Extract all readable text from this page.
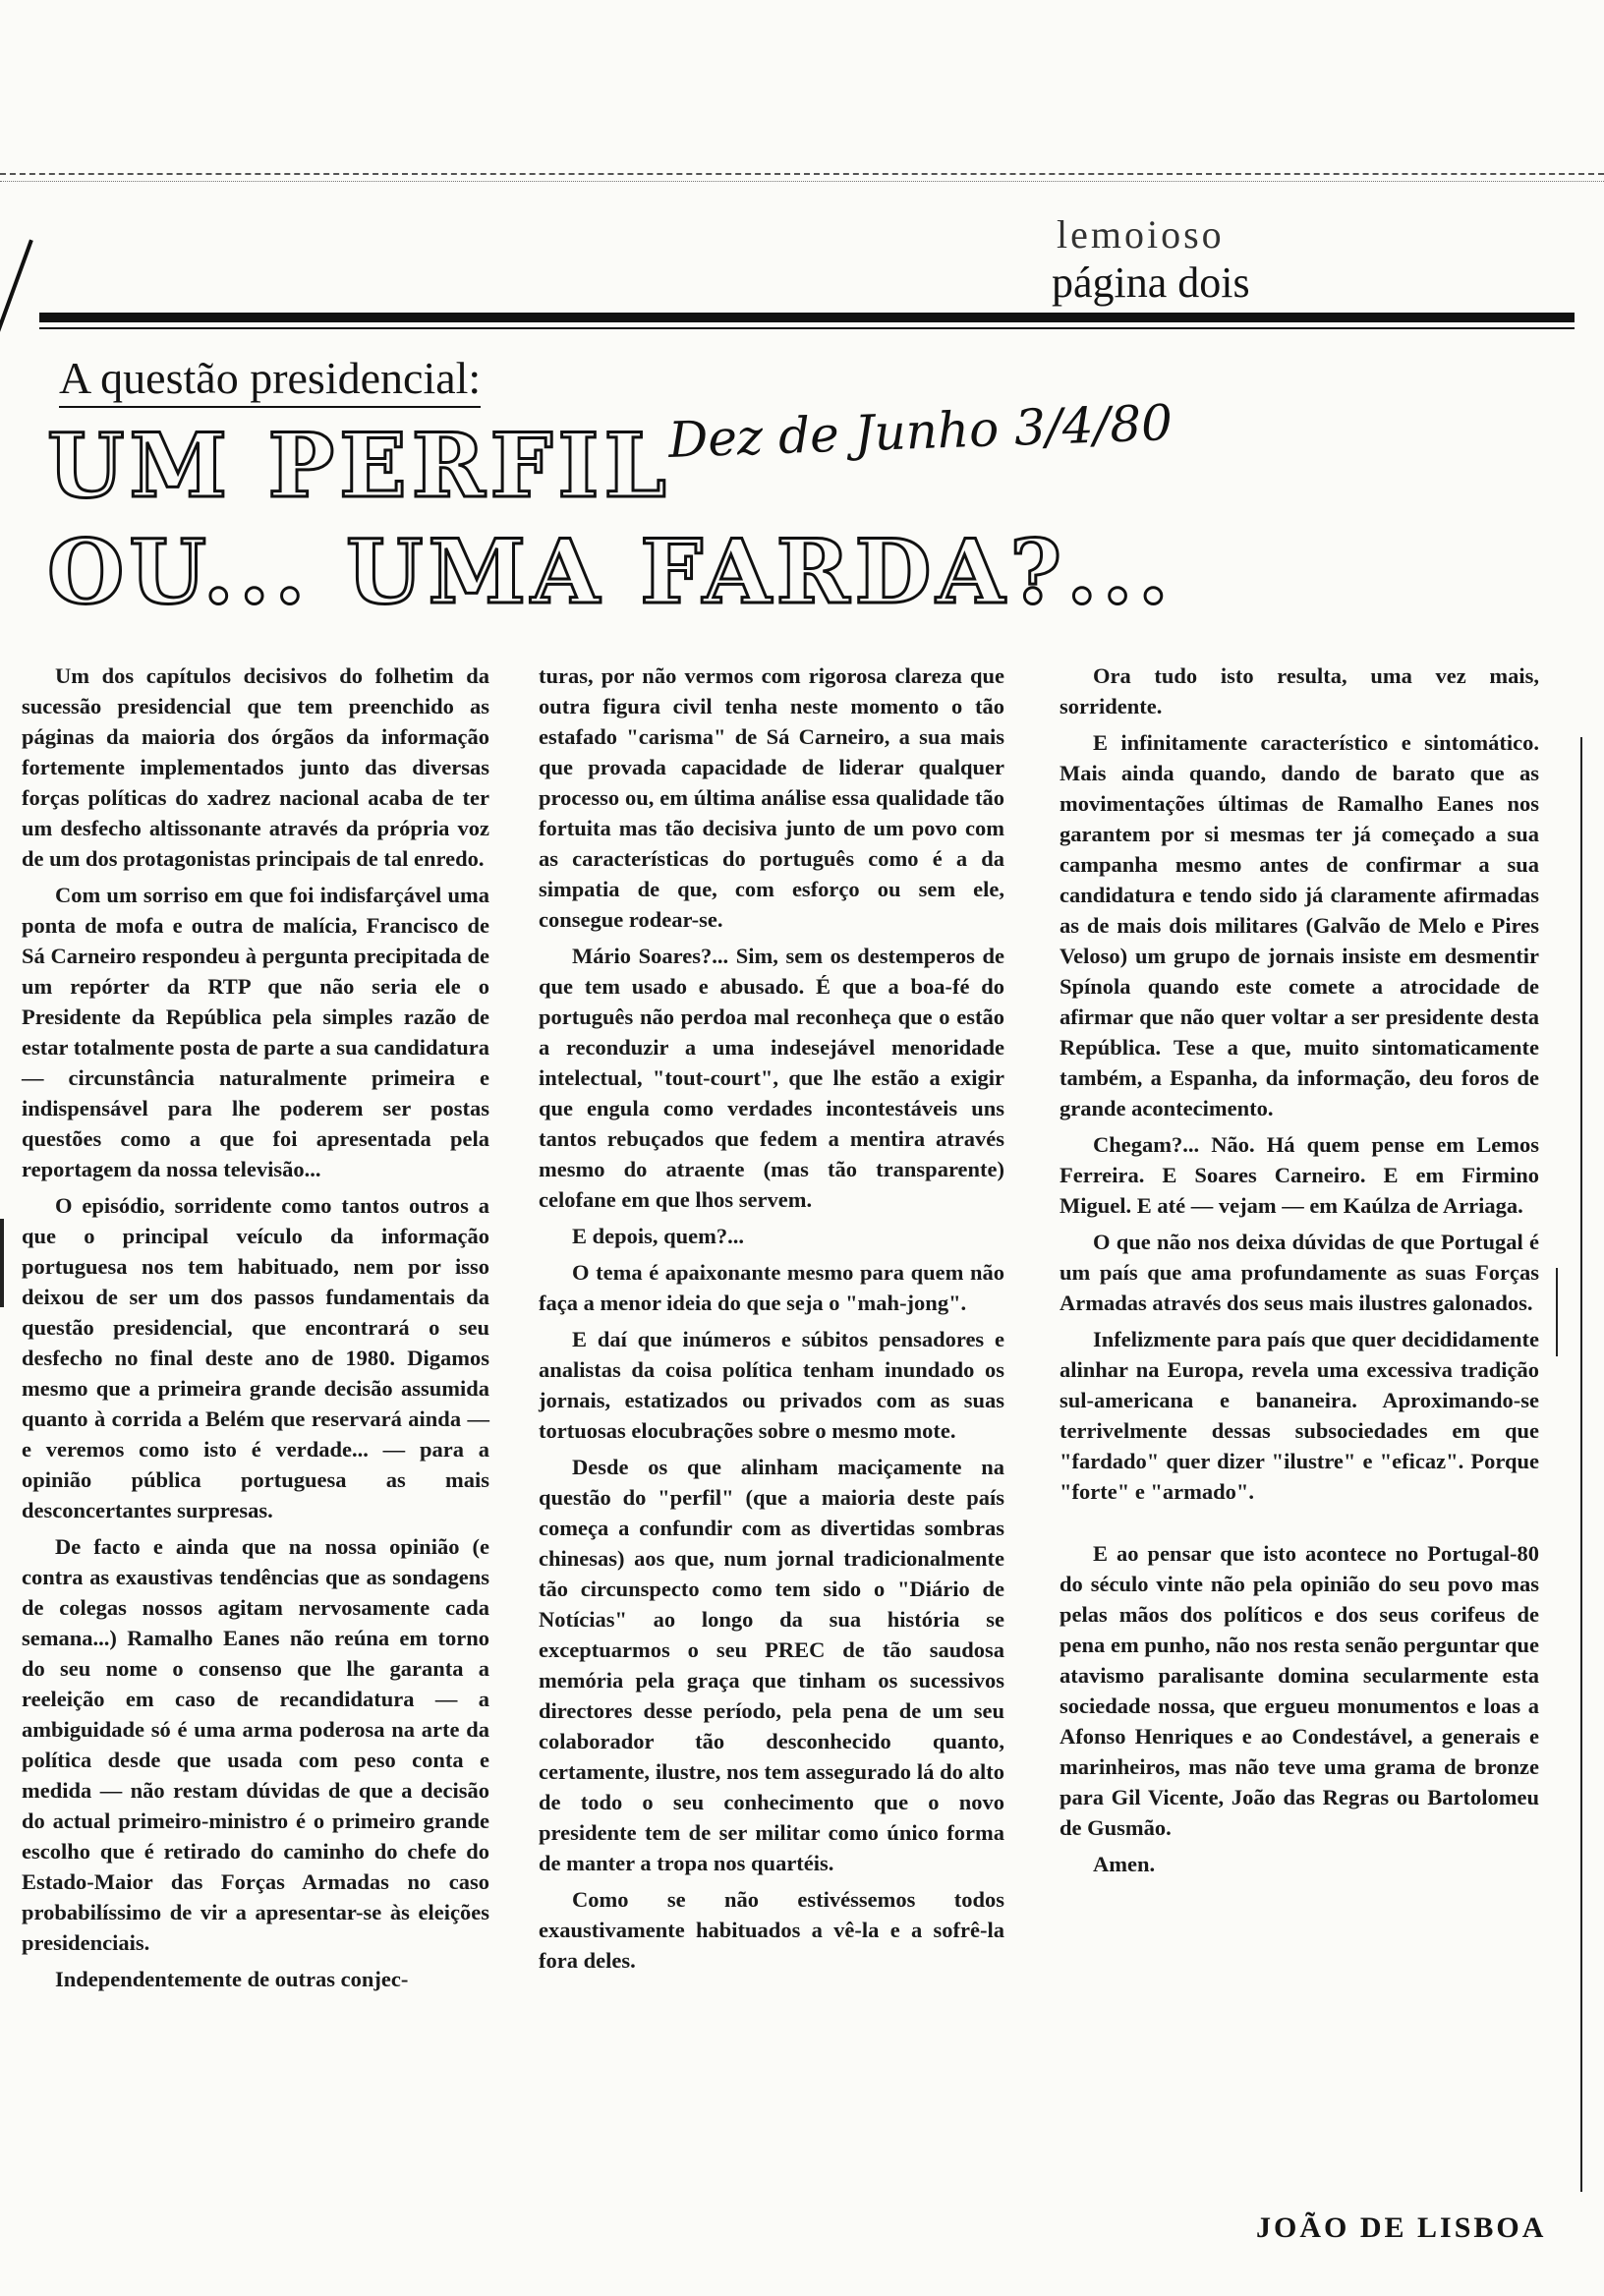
lemoioso
página dois
A questão presidencial:
UM PERFIL
OU... UMA FARDA?...
Dez de Junho 3/4/80

Um dos capítulos decisivos do folhetim da sucessão presidencial que tem preenchido as páginas da maioria dos órgãos da informação fortemente implementados junto das diversas forças políticas do xadrez nacional acaba de ter um desfecho altissonante através da própria voz de um dos protagonistas principais de tal enredo.

Com um sorriso em que foi indisfarçável uma ponta de mofa e outra de malícia, Francisco de Sá Carneiro respondeu à pergunta precipitada de um repórter da RTP que não seria ele o Presidente da República pela simples razão de estar totalmente posta de parte a sua candidatura — circunstância naturalmente primeira e indispensável para lhe poderem ser postas questões como a que foi apresentada pela reportagem da nossa televisão...

O episódio, sorridente como tantos outros a que o principal veículo da informação portuguesa nos tem habituado, nem por isso deixou de ser um dos passos fundamentais da questão presidencial, que encontrará o seu desfecho no final deste ano de 1980. Digamos mesmo que a primeira grande decisão assumida quanto à corrida a Belém que reservará ainda — e veremos como isto é verdade... — para a opinião pública portuguesa as mais desconcertantes surpresas.

De facto e ainda que na nossa opinião (e contra as exaustivas tendências que as sondagens de colegas nossos agitam nervosamente cada semana...) Ramalho Eanes não reúna em torno do seu nome o consenso que lhe garanta a reeleição em caso de recandidatura — a ambiguidade só é uma arma poderosa na arte da política desde que usada com peso conta e medida — não restam dúvidas de que a decisão do actual primeiro-ministro é o primeiro grande escolho que é retirado do caminho do chefe do Estado-Maior das Forças Armadas no caso probabilíssimo de vir a apresentar-se às eleições presidenciais.

Independentemente de outras conjec-

turas, por não vermos com rigorosa clareza que outra figura civil tenha neste momento o tão estafado "carisma" de Sá Carneiro, a sua mais que provada capacidade de liderar qualquer processo ou, em última análise essa qualidade tão fortuita mas tão decisiva junto de um povo com as características do português como é a da simpatia de que, com esforço ou sem ele, consegue rodear-se.

Mário Soares?... Sim, sem os destemperos de que tem usado e abusado. É que a boa-fé do português não perdoa mal reconheça que o estão a reconduzir a uma indesejável menoridade intelectual, "tout-court", que lhe estão a exigir que engula como verdades incontestáveis uns tantos rebuçados que fedem a mentira através mesmo do atraente (mas tão transparente) celofane em que lhos servem.

E depois, quem?...

O tema é apaixonante mesmo para quem não faça a menor ideia do que seja o "mah-jong".

E daí que inúmeros e súbitos pensadores e analistas da coisa política tenham inundado os jornais, estatizados ou privados com as suas tortuosas elocubrações sobre o mesmo mote.

Desde os que alinham maciçamente na questão do "perfil" (que a maioria deste país começa a confundir com as divertidas sombras chinesas) aos que, num jornal tradicionalmente tão circunspecto como tem sido o "Diário de Notícias" ao longo da sua história se exceptuarmos o seu PREC de tão saudosa memória pela graça que tinham os sucessivos directores desse período, pela pena de um seu colaborador tão desconhecido quanto, certamente, ilustre, nos tem assegurado lá do alto de todo o seu conhecimento que o novo presidente tem de ser militar como único forma de manter a tropa nos quartéis.

Como se não estivéssemos todos exaustivamente habituados a vê-la e a sofrê-la fora deles.

Ora tudo isto resulta, uma vez mais, sorridente.

E infinitamente característico e sintomático. Mais ainda quando, dando de barato que as movimentações últimas de Ramalho Eanes nos garantem por si mesmas ter já começado a sua campanha mesmo antes de confirmar a sua candidatura e tendo sido já claramente afirmadas as de mais dois militares (Galvão de Melo e Pires Veloso) um grupo de jornais insiste em desmentir Spínola quando este comete a atrocidade de afirmar que não quer voltar a ser presidente desta República. Tese a que, muito sintomaticamente também, a Espanha, da informação, deu foros de grande acontecimento.

Chegam?... Não. Há quem pense em Lemos Ferreira. E Soares Carneiro. E em Firmino Miguel. E até — vejam — em Kaúlza de Arriaga.

O que não nos deixa dúvidas de que Portugal é um país que ama profundamente as suas Forças Armadas através dos seus mais ilustres galonados.

Infelizmente para país que quer decididamente alinhar na Europa, revela uma excessiva tradição sul-americana e bananeira. Aproximando-se terrivelmente dessas subsociedades em que "fardado" quer dizer "ilustre" e "eficaz". Porque "forte" e "armado".

E ao pensar que isto acontece no Portugal-80 do século vinte não pela opinião do seu povo mas pelas mãos dos políticos e dos seus corifeus de pena em punho, não nos resta senão perguntar que atavismo paralisante domina secularmente esta sociedade nossa, que ergueu monumentos e loas a Afonso Henriques e ao Condestável, a generais e marinheiros, mas não teve uma grama de bronze para Gil Vicente, João das Regras ou Bartolomeu de Gusmão.

Amen.

JOÃO DE LISBOA
